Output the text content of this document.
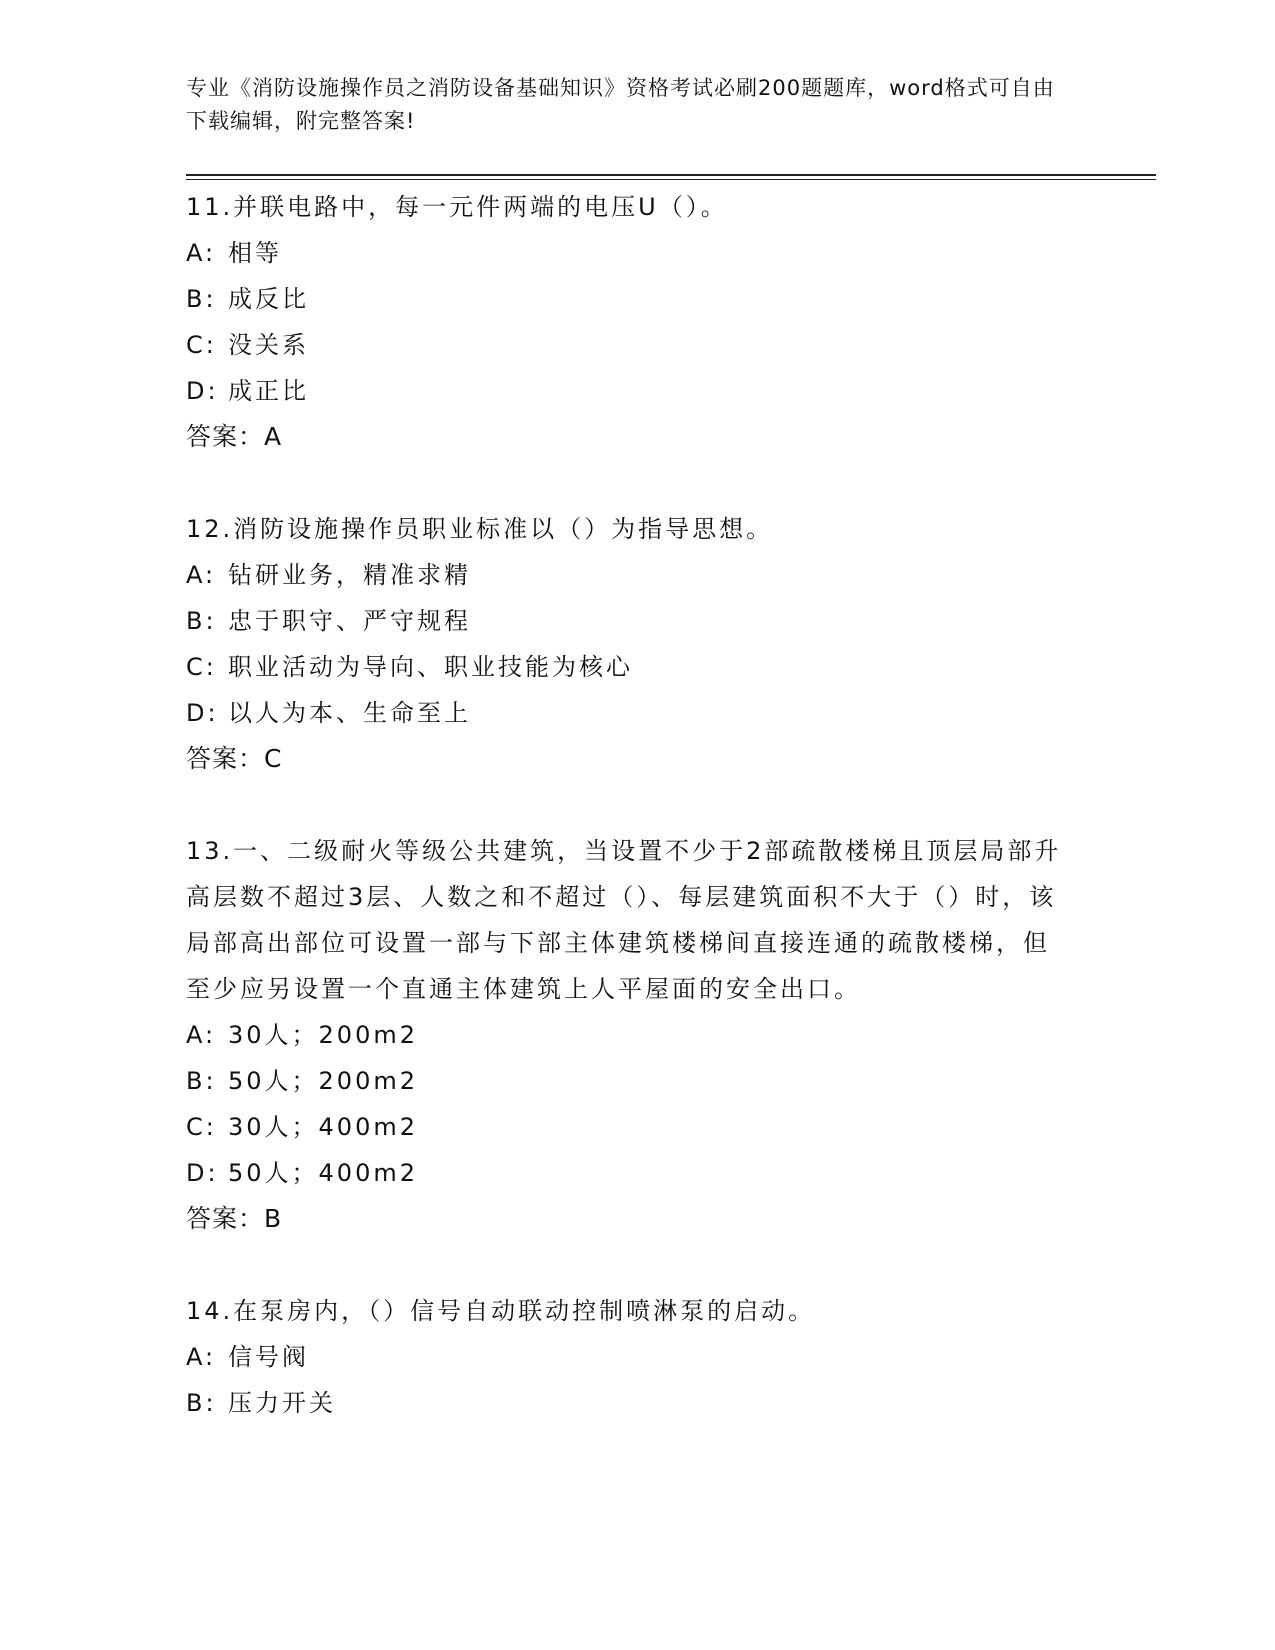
专业《消防设施操作员之消防设备基础知识》资格考试必刷200题题库，word格式可自由下载编辑，附完整答案!

11.并联电路中，每一元件两端的电压U（）。

A: 相等

B: 成反比

C: 没关系

D: 成正比

答案：A

12.消防设施操作员职业标准以（）为指导思想。

A: 钻研业务，精准求精

B: 忠于职守、严守规程

C: 职业活动为导向、职业技能为核心

D: 以人为本、生命至上

答案：C

13.一、二级耐火等级公共建筑，当设置不少于2部疏散楼梯且顶层局部升高层数不超过3层、人数之和不超过（）、每层建筑面积不大于（）时，该局部高出部位可设置一部与下部主体建筑楼梯间直接连通的疏散楼梯，但至少应另设置一个直通主体建筑上人平屋面的安全出口。

A: 30人；200m2

B: 50人；200m2

C: 30人；400m2

D: 50人；400m2

答案：B

14.在泵房内，（）信号自动联动控制喷淋泵的启动。

A: 信号阀

B: 压力开关
